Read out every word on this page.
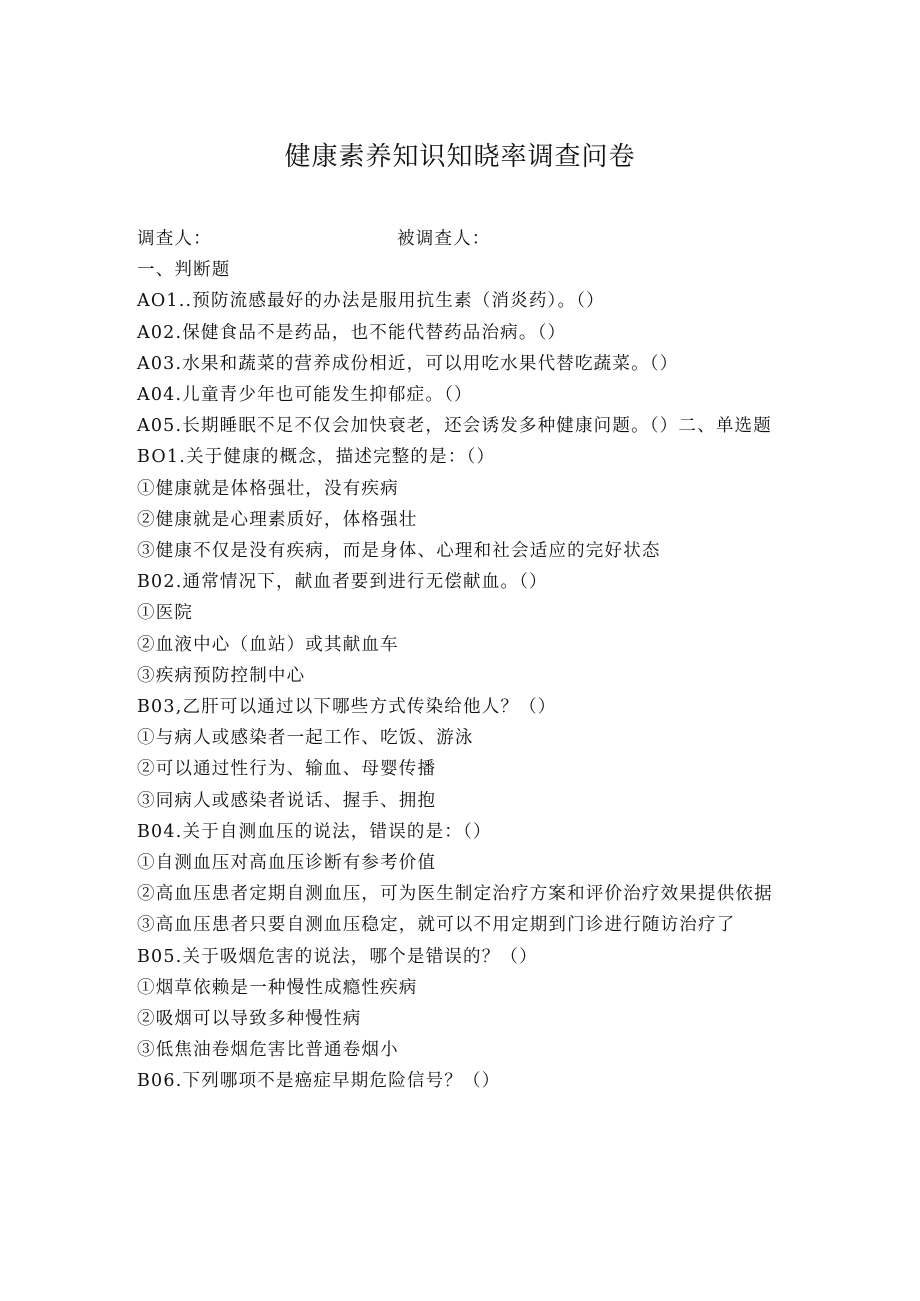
健康素养知识知晓率调查问卷
调查人：	被调查人：
一、判断题
AO1..预防流感最好的办法是服用抗生素（消炎药）。（）
A02.保健食品不是药品，也不能代替药品治病。（）
A03.水果和蔬菜的营养成份相近，可以用吃水果代替吃蔬菜。（）
A04.儿童青少年也可能发生抑郁症。（）
A05.长期睡眠不足不仅会加快衰老，还会诱发多种健康问题。（）二、单选题
BO1.关于健康的概念，描述完整的是：（）
①健康就是体格强壮，没有疾病
②健康就是心理素质好，体格强壮
③健康不仅是没有疾病，而是身体、心理和社会适应的完好状态
B02.通常情况下，献血者要到进行无偿献血。（）
①医院
②血液中心（血站）或其献血车
③疾病预防控制中心
B03,乙肝可以通过以下哪些方式传染给他人？（）
①与病人或感染者一起工作、吃饭、游泳
②可以通过性行为、输血、母婴传播
③同病人或感染者说话、握手、拥抱
B04.关于自测血压的说法，错误的是：（）
①自测血压对高血压诊断有参考价值
②高血压患者定期自测血压，可为医生制定治疗方案和评价治疗效果提供依据
③高血压患者只要自测血压稳定，就可以不用定期到门诊进行随访治疗了
B05.关于吸烟危害的说法，哪个是错误的？（）
①烟草依赖是一种慢性成瘾性疾病
②吸烟可以导致多种慢性病
③低焦油卷烟危害比普通卷烟小
B06.下列哪项不是癌症早期危险信号？（）
